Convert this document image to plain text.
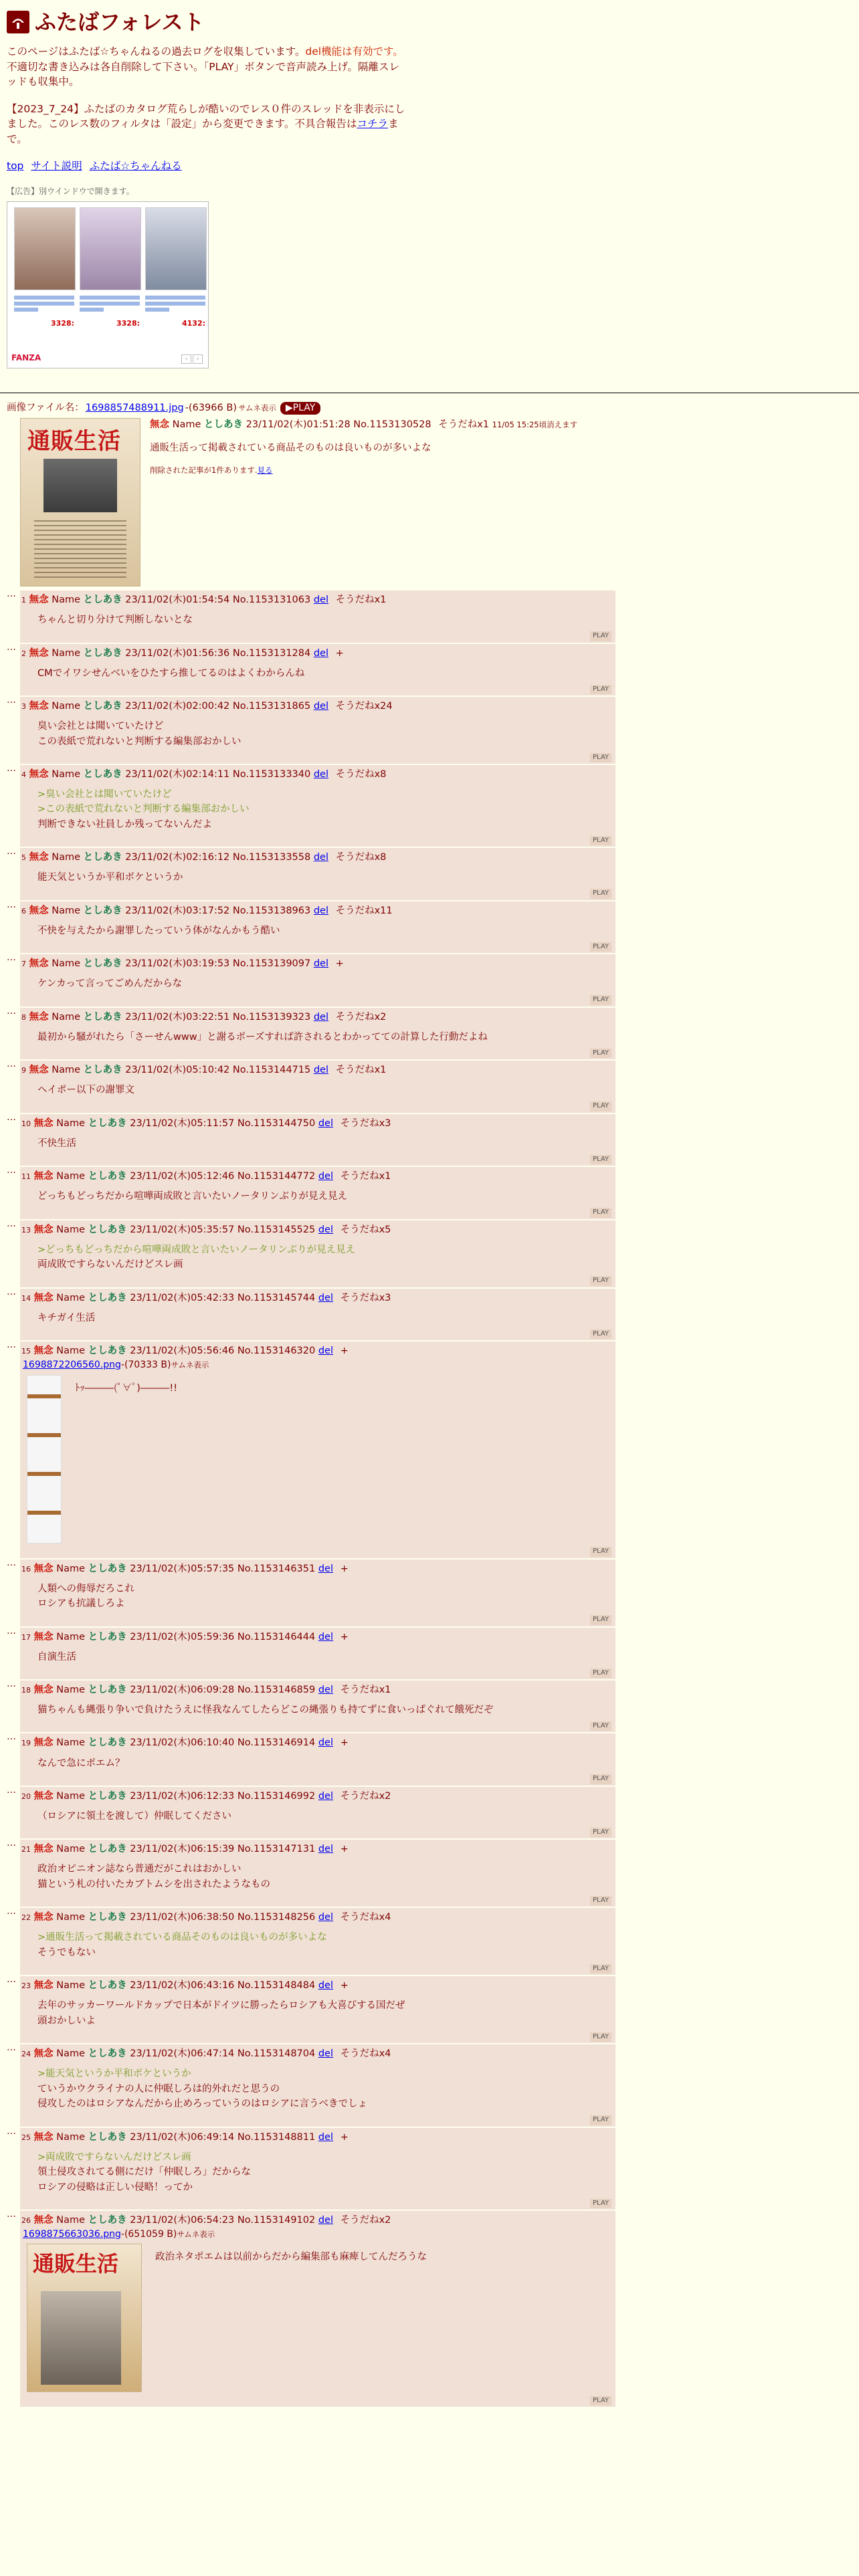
ふたばフォレスト

このページはふたば☆ちゃんねるの過去ログを収集しています。del機能は有効です。不適切な書き込みは各自削除して下さい。「PLAY」ボタンで音声読み上げ。隔離スレッドも収集中。

【2023_7_24】ふたばのカタログ荒らしが酷いのでレス０件のスレッドを非表示にしました。このレス数のフィルタは「設定」から変更できます。不具合報告はコチラまで。

top サイト説明 ふたば☆ちゃんねる
【広告】別ウインドウで開きます。
3328:	3328:	4132:
FANZA	‹	›
画像ファイル名： 1698857488911.jpg -(63966 B) サムネ表示	▶PLAY
通販生活
無念 Name としあき 23/11/02(木)01:51:28 No.1153130528 そうだねx1 11/05 15:25頃消えます
通販生活って掲載されている商品そのものは良いものが多いよな
削除された記事が1件あります.見る
…
1 無念 Name としあき 23/11/02(木)01:54:54 No.1153131063 del そうだねx1
ちゃんと切り分けて判断しないとな
PLAY
…
2 無念 Name としあき 23/11/02(木)01:56:36 No.1153131284 del +
CMでイワシせんべいをひたすら推してるのはよくわからんね
PLAY
…
3 無念 Name としあき 23/11/02(木)02:00:42 No.1153131865 del そうだねx24
臭い会社とは聞いていたけど
この表紙で荒れないと判断する編集部おかしい
PLAY
…
4 無念 Name としあき 23/11/02(木)02:14:11 No.1153133340 del そうだねx8
>臭い会社とは聞いていたけど
>この表紙で荒れないと判断する編集部おかしい
判断できない社員しか残ってないんだよ
PLAY
…
5 無念 Name としあき 23/11/02(木)02:16:12 No.1153133558 del そうだねx8
能天気というか平和ボケというか
PLAY
…
6 無念 Name としあき 23/11/02(木)03:17:52 No.1153138963 del そうだねx11
不快を与えたから謝罪したっていう体がなんかもう酷い
PLAY
…
7 無念 Name としあき 23/11/02(木)03:19:53 No.1153139097 del +
ケンカって言ってごめんだからな
PLAY
…
8 無念 Name としあき 23/11/02(木)03:22:51 No.1153139323 del そうだねx2
最初から騒がれたら「さーせんwww」と謝るポーズすれば許されるとわかってての計算した行動だよね
PLAY
…
9 無念 Name としあき 23/11/02(木)05:10:42 No.1153144715 del そうだねx1
ヘイポー以下の謝罪文
PLAY
…
10 無念 Name としあき 23/11/02(木)05:11:57 No.1153144750 del そうだねx3
不快生活
PLAY
…
11 無念 Name としあき 23/11/02(木)05:12:46 No.1153144772 del そうだねx1
どっちもどっちだから喧嘩両成敗と言いたいノータリンぶりが見え見え
PLAY
…
13 無念 Name としあき 23/11/02(木)05:35:57 No.1153145525 del そうだねx5
>どっちもどっちだから喧嘩両成敗と言いたいノータリンぶりが見え見え
両成敗ですらないんだけどスレ画
PLAY
…
14 無念 Name としあき 23/11/02(木)05:42:33 No.1153145744 del そうだねx3
キチガイ生活
PLAY
…
15 無念 Name としあき 23/11/02(木)05:56:46 No.1153146320 del +
1698872206560.png-(70333 B)サムネ表示
ﾄｯ―――(ﾟ∀ﾟ)―――!!
PLAY
…
16 無念 Name としあき 23/11/02(木)05:57:35 No.1153146351 del +
人類への侮辱だろこれ
ロシアも抗議しろよ
PLAY
…
17 無念 Name としあき 23/11/02(木)05:59:36 No.1153146444 del +
自演生活
PLAY
…
18 無念 Name としあき 23/11/02(木)06:09:28 No.1153146859 del そうだねx1
猫ちゃんも縄張り争いで負けたうえに怪我なんてしたらどこの縄張りも持てずに食いっぱぐれて餓死だぞ
PLAY
…
19 無念 Name としあき 23/11/02(木)06:10:40 No.1153146914 del +
なんで急にポエム？
PLAY
…
20 無念 Name としあき 23/11/02(木)06:12:33 No.1153146992 del そうだねx2
（ロシアに領土を渡して）仲眠してください
PLAY
…
21 無念 Name としあき 23/11/02(木)06:15:39 No.1153147131 del +
政治オピニオン誌なら普通だがこれはおかしい
猫という札の付いたカブトムシを出されたようなもの
PLAY
…
22 無念 Name としあき 23/11/02(木)06:38:50 No.1153148256 del そうだねx4
>通販生活って掲載されている商品そのものは良いものが多いよな
そうでもない
PLAY
…
23 無念 Name としあき 23/11/02(木)06:43:16 No.1153148484 del +
去年のサッカーワールドカップで日本がドイツに勝ったらロシアも大喜びする国だぜ
頭おかしいよ
PLAY
…
24 無念 Name としあき 23/11/02(木)06:47:14 No.1153148704 del そうだねx4
>能天気というか平和ボケというか
ていうかウクライナの人に仲眠しろは的外れだと思うの
侵攻したのはロシアなんだから止めろっていうのはロシアに言うべきでしょ
PLAY
…
25 無念 Name としあき 23/11/02(木)06:49:14 No.1153148811 del +
>両成敗ですらないんだけどスレ画
領土侵攻されてる側にだけ「仲眠しろ」だからな
ロシアの侵略は正しい侵略！ってか
PLAY
…
26 無念 Name としあき 23/11/02(木)06:54:23 No.1153149102 del そうだねx2
1698875663036.png-(651059 B)サムネ表示
通販生活	政治ネタポエムは以前からだから編集部も麻痺してんだろうな
PLAY
